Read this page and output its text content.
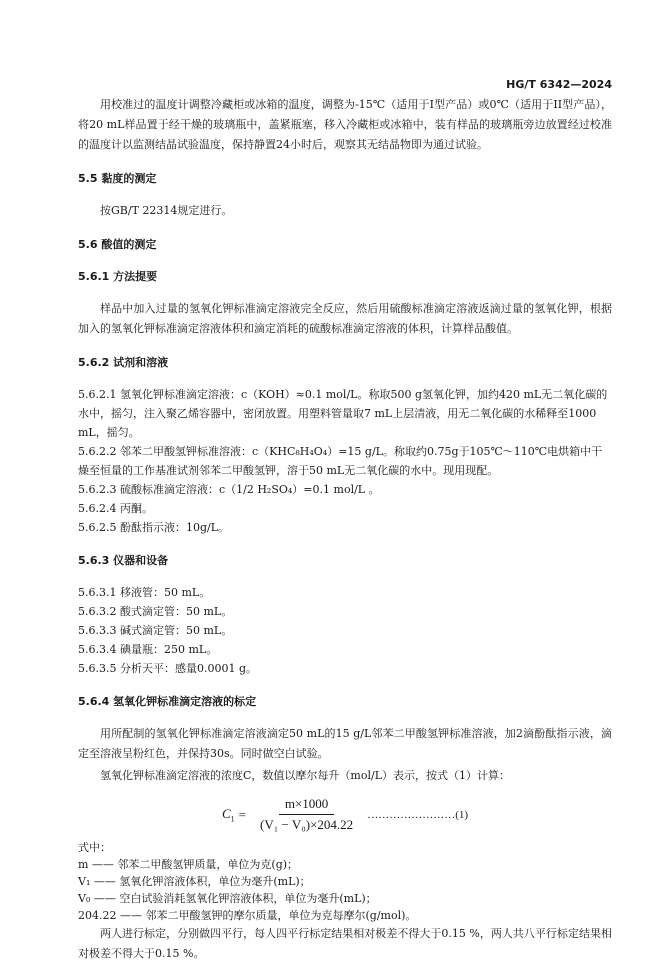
HG/T 6342—2024

用校准过的温度计调整冷藏柜或冰箱的温度，调整为-15℃（适用于Ⅰ型产品）或0℃（适用于II型产品），将20 mL样品置于经干燥的玻璃瓶中，盖紧瓶塞，移入冷藏柜或冰箱中，装有样品的玻璃瓶旁边放置经过校准的温度计以监测结晶试验温度，保持静置24小时后，观察其无结晶物即为通过试验。

5.5 黏度的测定

按GB/T 22314规定进行。

5.6 酸值的测定
5.6.1 方法提要

样品中加入过量的氢氧化钾标准滴定溶液完全反应，然后用硫酸标准滴定溶液返滴过量的氢氧化钾，根据加入的氢氧化钾标准滴定溶液体积和滴定消耗的硫酸标准滴定溶液的体积，计算样品酸值。

5.6.2 试剂和溶液

5.6.2.1 氢氧化钾标准滴定溶液：c（KOH）≈0.1 mol/L。称取500 g氢氧化钾，加约420 mL无二氧化碳的水中，摇匀，注入聚乙烯容器中，密闭放置。用塑料管量取7 mL上层清液，用无二氧化碳的水稀释至1000 mL，摇匀。

5.6.2.2 邻苯二甲酸氢钾标准溶液：c（KHC₈H₄O₄）=15 g/L。称取约0.75g于105℃～110℃电烘箱中干燥至恒量的工作基准试剂邻苯二甲酸氢钾，溶于50 mL无二氧化碳的水中。现用现配。

5.6.2.3 硫酸标准滴定溶液：c（1/2 H₂SO₄）=0.1 mol/L 。

5.6.2.4 丙酮。

5.6.2.5 酚酞指示液：10g/L。

5.6.3 仪器和设备

5.6.3.1 移液管：50 mL。

5.6.3.2 酸式滴定管：50 mL。

5.6.3.3 碱式滴定管：50 mL。

5.6.3.4 碘量瓶：250 mL。

5.6.3.5 分析天平：感量0.0001 g。

5.6.4 氢氧化钾标准滴定溶液的标定

用所配制的氢氧化钾标准滴定溶液滴定50 mL的15 g/L邻苯二甲酸氢钾标准溶液，加2滴酚酞指示液，滴定至溶液呈粉红色，并保持30s。同时做空白试验。

氢氧化钾标准滴定溶液的浓度C，数值以摩尔每升（mol/L）表示，按式（1）计算：

$C_1 = \frac{m\times 1000}{\text{(V₁ − V₀)×204.22}}$ …………………… (1)

式中：

m —— 邻苯二甲酸氢钾质量，单位为克(g)；

V₁ —— 氢氧化钾溶液体积，单位为毫升(mL)；

V₀ —— 空白试验消耗氢氧化钾溶液体积，单位为毫升(mL)；

204.22 —— 邻苯二甲酸氢钾的摩尔质量，单位为克每摩尔(g/mol)。

两人进行标定，分别做四平行，每人四平行标定结果相对极差不得大于0.15 %，两人共八平行标定结果相对极差不得大于0.15 %。
